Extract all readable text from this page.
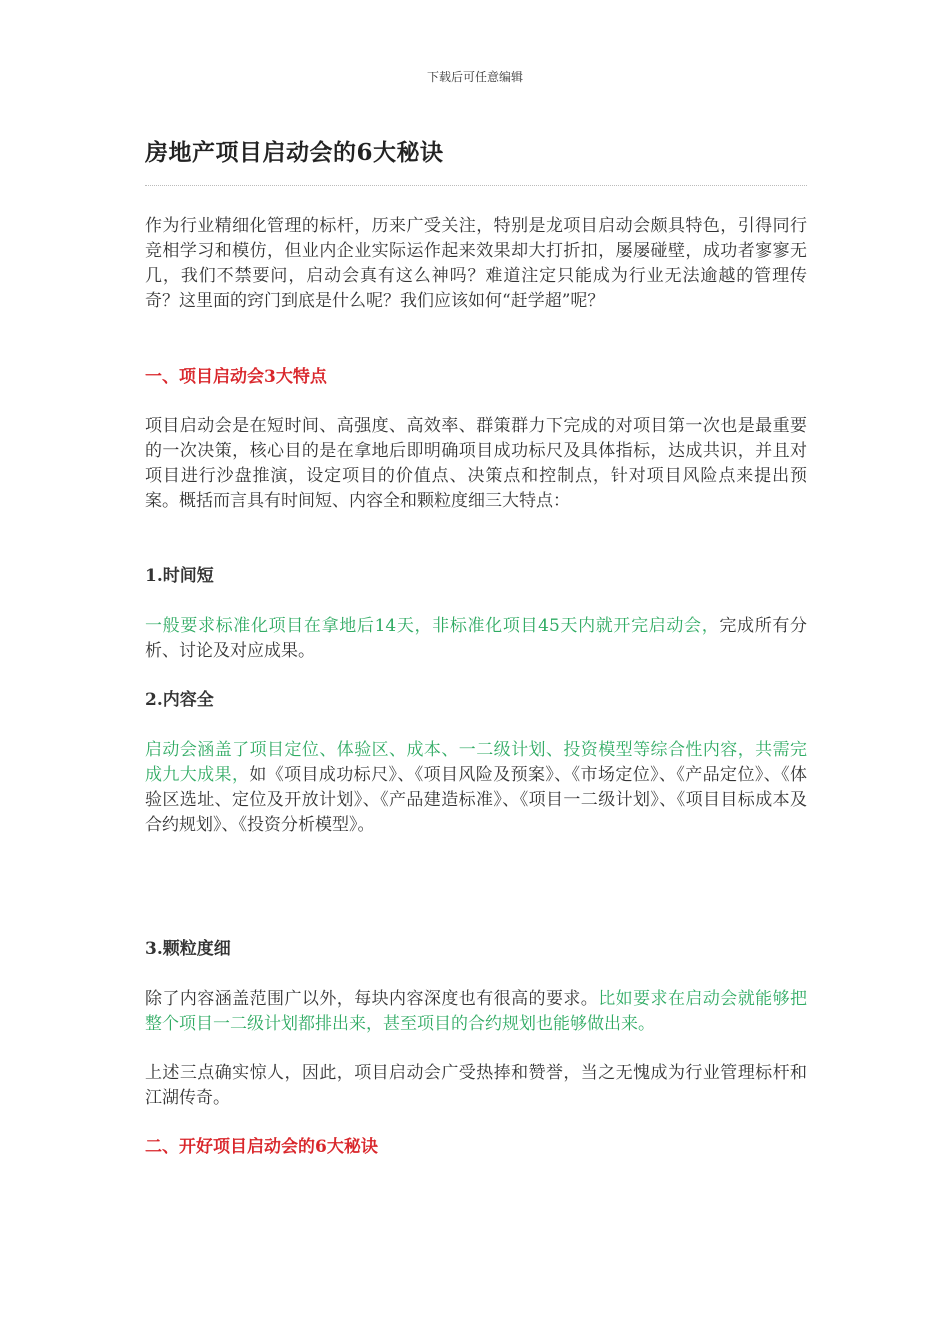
下载后可任意编辑
房地产项目启动会的6大秘诀

作为行业精细化管理的标杆，历来广受关注，特别是龙项目启动会颇具特色，引得同行竞相学习和模仿，但业内企业实际运作起来效果却大打折扣，屡屡碰壁，成功者寥寥无几，我们不禁要问，启动会真有这么神吗？难道注定只能成为行业无法逾越的管理传奇？这里面的窍门到底是什么呢？我们应该如何“赶学超”呢？

一、项目启动会3大特点

项目启动会是在短时间、高强度、高效率、群策群力下完成的对项目第一次也是最重要的一次决策，核心目的是在拿地后即明确项目成功标尺及具体指标，达成共识，并且对项目进行沙盘推演，设定项目的价值点、决策点和控制点，针对项目风险点来提出预案。概括而言具有时间短、内容全和颗粒度细三大特点：

1.时间短

一般要求标准化项目在拿地后14天，非标准化项目45天内就开完启动会，完成所有分析、讨论及对应成果。

2.内容全

启动会涵盖了项目定位、体验区、成本、一二级计划、投资模型等综合性内容，共需完成九大成果，如《项目成功标尺》、《项目风险及预案》、《市场定位》、《产品定位》、《体验区选址、定位及开放计划》、《产品建造标准》、《项目一二级计划》、《项目目标成本及合约规划》、《投资分析模型》。

3.颗粒度细

除了内容涵盖范围广以外，每块内容深度也有很高的要求。比如要求在启动会就能够把整个项目一二级计划都排出来，甚至项目的合约规划也能够做出来。

上述三点确实惊人，因此，项目启动会广受热捧和赞誉，当之无愧成为行业管理标杆和江湖传奇。

二、开好项目启动会的6大秘诀
